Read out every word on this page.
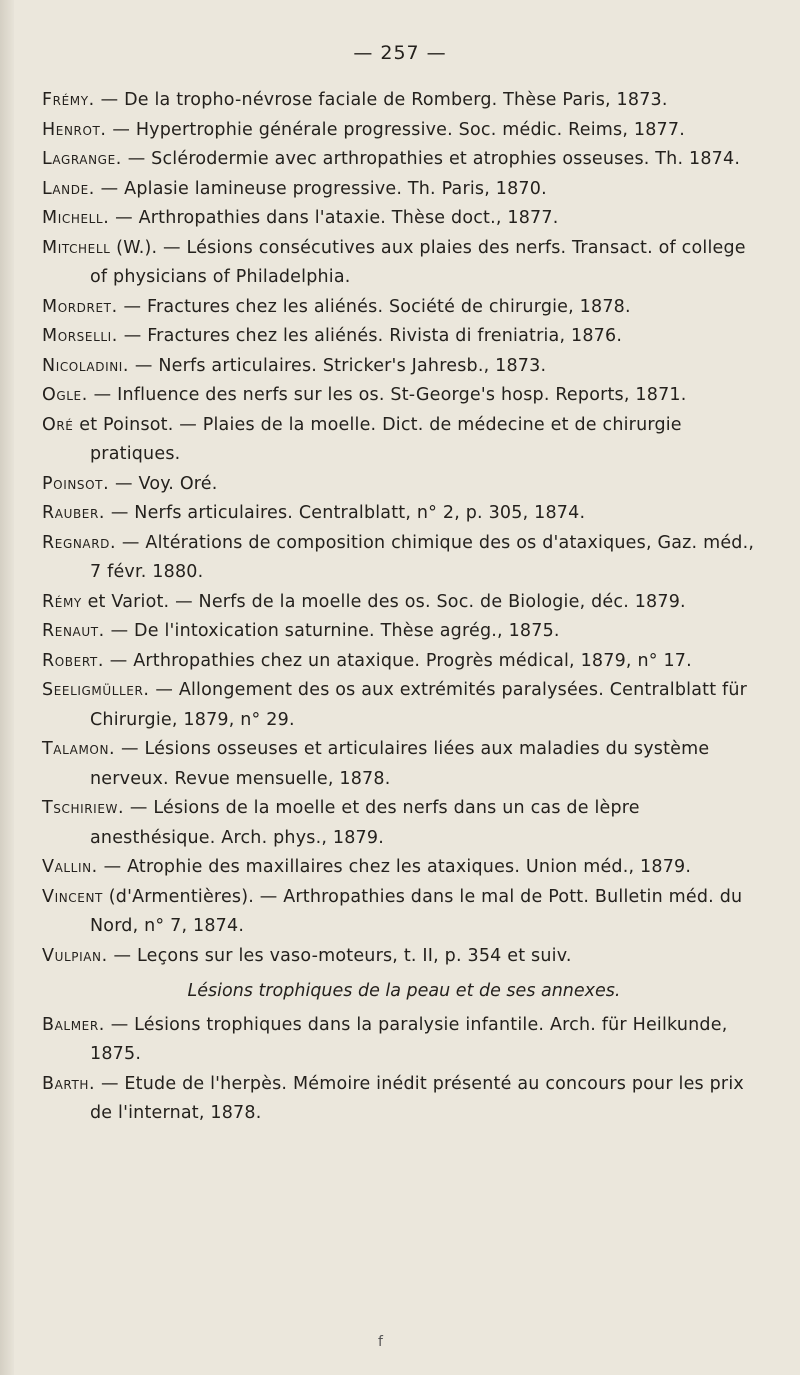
— 257 —

Frémy. — De la tropho-névrose faciale de Romberg. Thèse Paris, 1873.

Henrot. — Hypertrophie générale progressive. Soc. médic. Reims, 1877.

Lagrange. — Sclérodermie avec arthropathies et atrophies osseuses. Th. 1874.

Lande. — Aplasie lamineuse progressive. Th. Paris, 1870.

Michell. — Arthropathies dans l'ataxie. Thèse doct., 1877.

Mitchell (W.). — Lésions consécutives aux plaies des nerfs. Transact. of college of physicians of Philadelphia.

Mordret. — Fractures chez les aliénés. Société de chirurgie, 1878.

Morselli. — Fractures chez les aliénés. Rivista di freniatria, 1876.

Nicoladini. — Nerfs articulaires. Stricker's Jahresb., 1873.

Ogle. — Influence des nerfs sur les os. St-George's hosp. Reports, 1871.

Oré et Poinsot. — Plaies de la moelle. Dict. de médecine et de chirurgie pratiques.

Poinsot. — Voy. Oré.

Rauber. — Nerfs articulaires. Centralblatt, n° 2, p. 305, 1874.

Regnard. — Altérations de composition chimique des os d'ataxiques, Gaz. méd., 7 févr. 1880.

Rémy et Variot. — Nerfs de la moelle des os. Soc. de Biologie, déc. 1879.

Renaut. — De l'intoxication saturnine. Thèse agrég., 1875.

Robert. — Arthropathies chez un ataxique. Progrès médical, 1879, n° 17.

Seeligmüller. — Allongement des os aux extrémités paralysées. Centralblatt für Chirurgie, 1879, n° 29.

Talamon. — Lésions osseuses et articulaires liées aux maladies du système nerveux. Revue mensuelle, 1878.

Tschiriew. — Lésions de la moelle et des nerfs dans un cas de lèpre anesthésique. Arch. phys., 1879.

Vallin. — Atrophie des maxillaires chez les ataxiques. Union méd., 1879.

Vincent (d'Armentières). — Arthropathies dans le mal de Pott. Bulletin méd. du Nord, n° 7, 1874.

Vulpian. — Leçons sur les vaso-moteurs, t. II, p. 354 et suiv.

Lésions trophiques de la peau et de ses annexes.

Balmer. — Lésions trophiques dans la paralysie infantile. Arch. für Heilkunde, 1875.

Barth. — Etude de l'herpès. Mémoire inédit présenté au concours pour les prix de l'internat, 1878.

f
